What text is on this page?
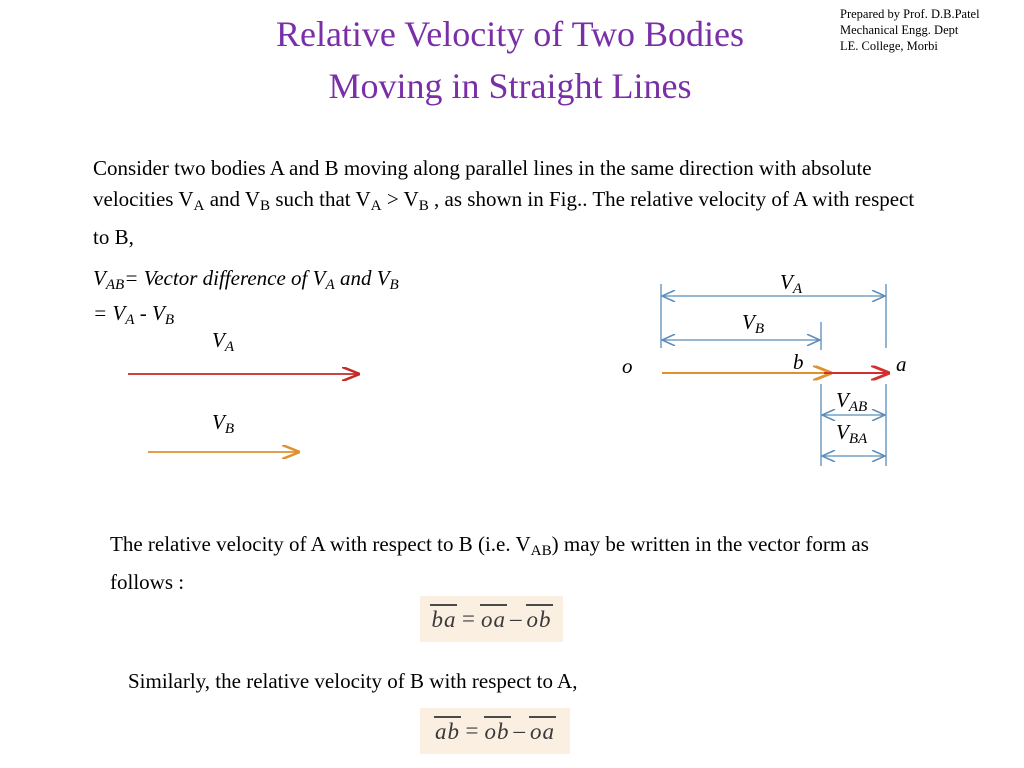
Prepared by Prof. D.B.Patel
Mechanical Engg. Dept
LE. College, Morbi
Relative Velocity of Two Bodies
Moving in Straight Lines
Consider two bodies A and B moving along parallel lines in the same direction with absolute velocities $V_A$ and $V_B$ such that $V_A > V_B$ , as shown in Fig.. The relative velocity of A with respect to B,
$V_{AB}=$ Vector difference of $V_A$ and $V_B$
= $V_A - V_B$
$V_A$
$V_B$
$V_A$
$V_B$
$V_{AB}$
$V_{BA}$
o	b	a
The relative velocity of A with respect to B (i.e. $V_{AB}$) may be written in the vector form as follows :
ba = oa – ob
Similarly, the relative velocity of B with respect to A,
ab = ob – oa
